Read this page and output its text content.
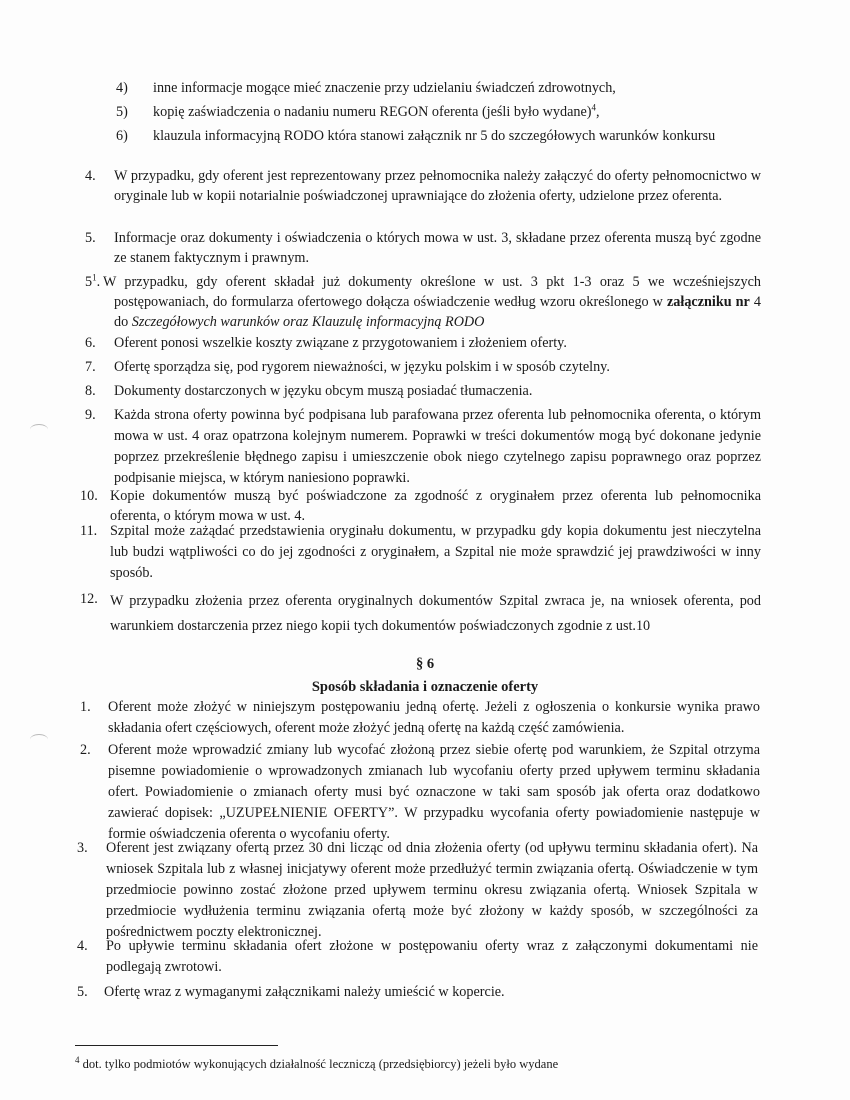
4) inne informacje mogące mieć znaczenie przy udzielaniu świadczeń zdrowotnych,
5) kopię zaświadczenia o nadaniu numeru REGON oferenta (jeśli było wydane)$^4$,
6) klauzula informacyjną RODO która stanowi załącznik nr 5 do szczegółowych warunków konkursu
4. W przypadku, gdy oferent jest reprezentowany przez pełnomocnika należy załączyć do oferty pełnomocnictwo w oryginale lub w kopii notarialnie poświadczonej uprawniające do złożenia oferty, udzielone przez oferenta.
5. Informacje oraz dokumenty i oświadczenia o których mowa w ust. 3, składane przez oferenta muszą być zgodne ze stanem faktycznym i prawnym.
$5^1$. W przypadku, gdy oferent składał już dokumenty określone w ust. 3 pkt 1-3 oraz 5 we wcześniejszych postępowaniach, do formularza ofertowego dołącza oświadczenie według wzoru określonego w załączniku nr 4 do Szczegółowych warunków oraz Klauzulę informacyjną RODO
6. Oferent ponosi wszelkie koszty związane z przygotowaniem i złożeniem oferty.
7. Ofertę sporządza się, pod rygorem nieważności, w języku polskim i w sposób czytelny.
8. Dokumenty dostarczonych w języku obcym muszą posiadać tłumaczenia.
9. Każda strona oferty powinna być podpisana lub parafowana przez oferenta lub pełnomocnika oferenta, o którym mowa w ust. 4 oraz opatrzona kolejnym numerem. Poprawki w treści dokumentów mogą być dokonane jedynie poprzez przekreślenie błędnego zapisu i umieszczenie obok niego czytelnego zapisu poprawnego oraz poprzez podpisanie miejsca, w którym naniesiono poprawki.
10. Kopie dokumentów muszą być poświadczone za zgodność z oryginałem przez oferenta lub pełnomocnika oferenta, o którym mowa w ust. 4.
11. Szpital może zażądać przedstawienia oryginału dokumentu, w przypadku gdy kopia dokumentu jest nieczytelna lub budzi wątpliwości co do jej zgodności z oryginałem, a Szpital nie może sprawdzić jej prawdziwości w inny sposób.
12. W przypadku złożenia przez oferenta oryginalnych dokumentów Szpital zwraca je, na wniosek oferenta, pod warunkiem dostarczenia przez niego kopii tych dokumentów poświadczonych zgodnie z ust.10
§ 6
Sposób składania i oznaczenie oferty
1. Oferent może złożyć w niniejszym postępowaniu jedną ofertę. Jeżeli z ogłoszenia o konkursie wynika prawo składania ofert częściowych, oferent może złożyć jedną ofertę na każdą część zamówienia.
2. Oferent może wprowadzić zmiany lub wycofać złożoną przez siebie ofertę pod warunkiem, że Szpital otrzyma pisemne powiadomienie o wprowadzonych zmianach lub wycofaniu oferty przed upływem terminu składania ofert. Powiadomienie o zmianach oferty musi być oznaczone w taki sam sposób jak oferta oraz dodatkowo zawierać dopisek: „UZUPEŁNIENIE OFERTY”. W przypadku wycofania oferty powiadomienie następuje w formie oświadczenia oferenta o wycofaniu oferty.
3. Oferent jest związany ofertą przez 30 dni licząc od dnia złożenia oferty (od upływu terminu składania ofert). Na wniosek Szpitala lub z własnej inicjatywy oferent może przedłużyć termin związania ofertą. Oświadczenie w tym przedmiocie powinno zostać złożone przed upływem terminu okresu związania ofertą. Wniosek Szpitala w przedmiocie wydłużenia terminu związania ofertą może być złożony w każdy sposób, w szczególności za pośrednictwem poczty elektronicznej.
4. Po upływie terminu składania ofert złożone w postępowaniu oferty wraz z załączonymi dokumentami nie podlegają zwrotowi.
5. Ofertę wraz z wymaganymi załącznikami należy umieścić w kopercie.
$^4$ dot. tylko podmiotów wykonujących działalność leczniczą (przedsiębiorcy) jeżeli było wydane
